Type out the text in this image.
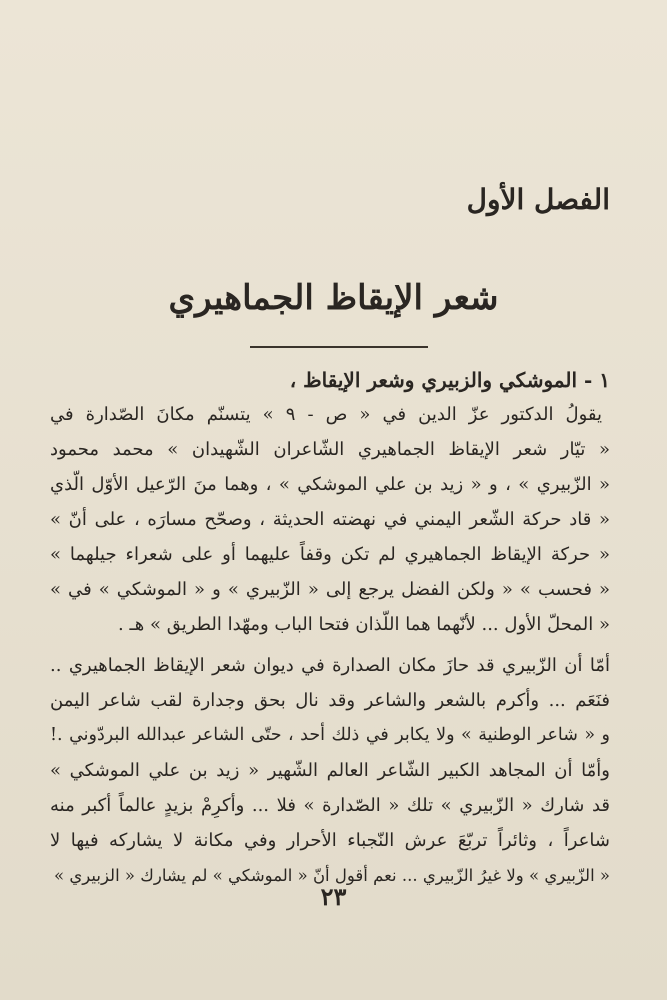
الفصل الأول
شعر الإيقاظ الجماهيري
١ - الموشكي والزبيري وشعر الإيقاظ ،
يقولُ الدكتور عزّ الدين في « ص - ٩ » يتسنّم مكانَ الصّدارة في
« تيّار شعر الإيقاظ الجماهيري الشّاعران الشّهيدان » محمد محمود
« الزّبيري » ، و « زيد بن علي الموشكي » ، وهما منَ الرّعيل الأوّل الّذي
« قاد حركة الشّعر اليمني في نهضته الحديثة ، وصحّح مسارَه ، على أنّ »
« حركة الإيقاظ الجماهيري لم تكن وقفاً عليهما أو على شعراء جيلهما »
« فحسب » « ولكن الفضل يرجع إلى « الزّبيري » و « الموشكي » في »
« المحلّ الأول ... لأنّهما هما اللّذان فتحا الباب ومهّدا الطريق » هـ .
أمّا أن الزّبيري قد حازَ مكان الصدارة في ديوان شعر الإيقاظ الجماهيري ..
فنَعَم ... وأكرم بالشعر والشاعر وقد نال بحق وجدارة لقب شاعر اليمن
و « شاعر الوطنية » ولا يكابر في ذلك أحد ، حتّى الشاعر عبدالله البردّوني .!
وأمّا أن المجاهد الكبير الشّاعر العالم الشّهير « زيد بن علي الموشكي »
قد شارك « الزّبيري » تلك « الصّدارة » فلا ... وأكرِمْ بزيدٍ عالماً أكبر منه
شاعراً ، وثائراً تربّعَ عرش النّجباء الأحرار وفي مكانة لا يشاركه فيها لا
« الزّبيري » ولا غيرُ الزّبيري ... نعم أقول أنّ « الموشكي » لم يشارك « الزبيري »
٢٣
